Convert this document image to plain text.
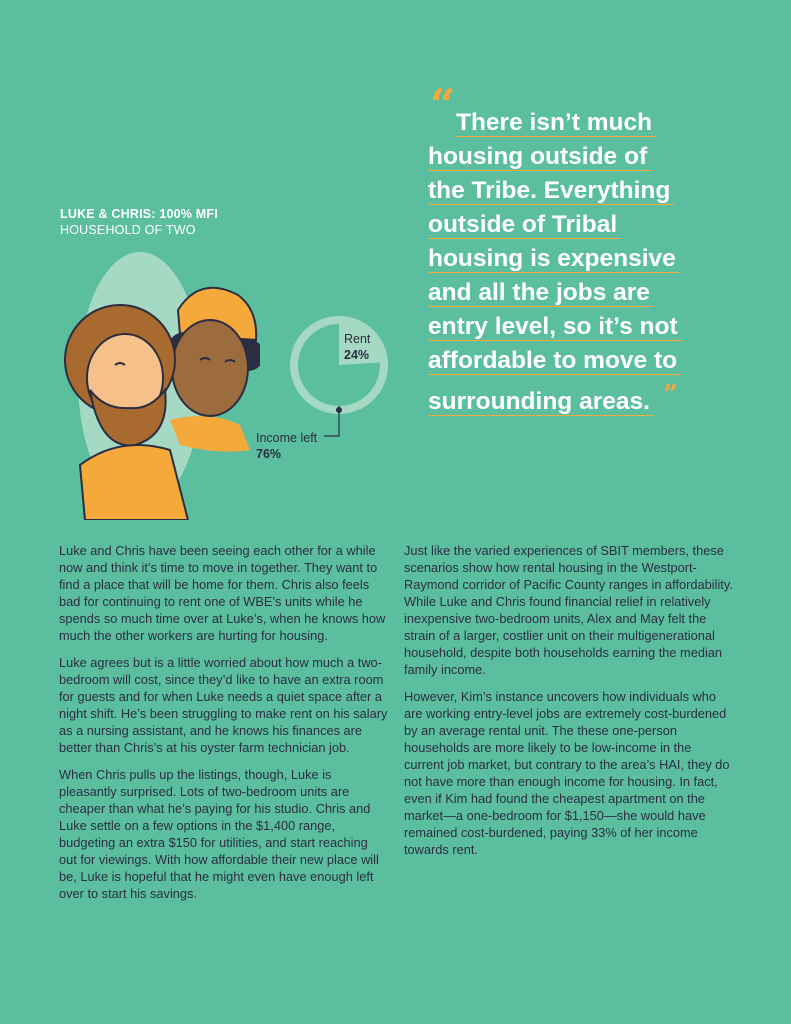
LUKE & CHRIS: 100% MFI
HOUSEHOLD OF TWO
Rent
24%
Income left
76%
“ There isn’t much
housing outside of
the Tribe. Everything
outside of Tribal
housing is expensive
and all the jobs are
entry level, so it’s not
affordable to move to
surrounding areas. ”

Luke and Chris have been seeing each other for a while now and think it’s time to move in together. They want to find a place that will be home for them. Chris also feels bad for continuing to rent one of WBE’s units while he spends so much time over at Luke’s, when he knows how much the other workers are hurting for housing.

Luke agrees but is a little worried about how much a two-bedroom will cost, since they’d like to have an extra room for guests and for when Luke needs a quiet space after a night shift. He’s been struggling to make rent on his salary as a nursing assistant, and he knows his finances are better than Chris’s at his oyster farm technician job.

When Chris pulls up the listings, though, Luke is pleasantly surprised. Lots of two-bedroom units are cheaper than what he’s paying for his studio. Chris and Luke settle on a few options in the $1,400 range, budgeting an extra $150 for utilities, and start reaching out for viewings. With how affordable their new place will be, Luke is hopeful that he might even have enough left over to start his savings.

Just like the varied experiences of SBIT members, these scenarios show how rental housing in the Westport-Raymond corridor of Pacific County ranges in affordability. While Luke and Chris found financial relief in relatively inexpensive two-bedroom units, Alex and May felt the strain of a larger, costlier unit on their multigenerational household, despite both households earning the median family income.

However, Kim’s instance uncovers how individuals who are working entry-level jobs are extremely cost-burdened by an average rental unit. The these one-person households are more likely to be low-income in the current job market, but contrary to the area’s HAI, they do not have more than enough income for housing. In fact, even if Kim had found the cheapest apartment on the market—a one-bedroom for $1,150—she would have remained cost-burdened, paying 33% of her income towards rent.
